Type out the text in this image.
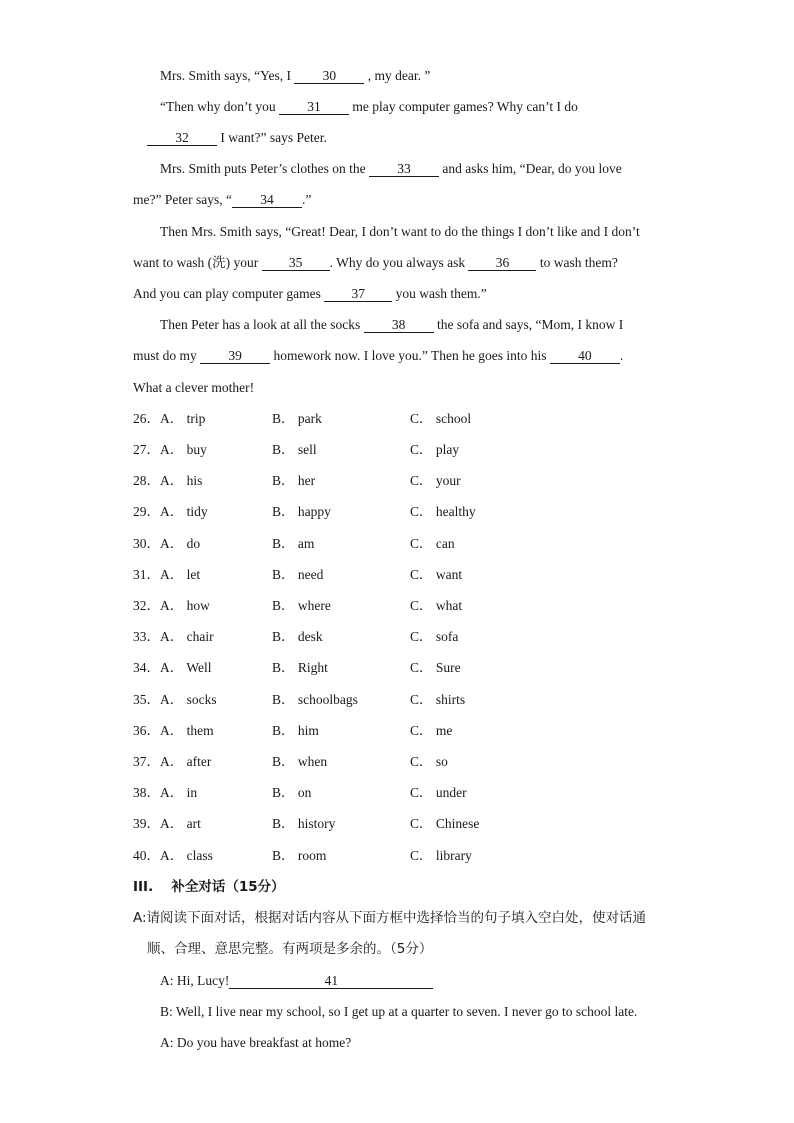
Mrs. Smith says, “Yes, I 30 , my dear. ”
“Then why don’t you 31 me play computer games? Why can’t I do
32 I want?” says Peter.
Mrs. Smith puts Peter’s clothes on the 33 and asks him, “Dear, do you love
me?” Peter says, “ 34 .”
Then Mrs. Smith says, “Great! Dear, I don’t want to do the things I don’t like and I don’t
want to wash (洗) your 35 . Why do you always ask 36 to wash them?
And you can play computer games 37 you wash them.”
Then Peter has a look at all the socks 38 the sofa and says, “Mom, I know I
must do my 39 homework now. I love you.” Then he goes into his 40 .
What a clever mother!
26． A． trip	B． park	C． school
27． A． buy	B． sell	C． play
28． A． his	B． her	C． your
29． A． tidy	B． happy	C． healthy
30． A． do	B． am	C． can
31． A． let	B． need	C． want
32． A． how	B． where	C． what
33． A． chair	B． desk	C． sofa
34． A． Well	B． Right	C． Sure
35． A． socks	B． schoolbags	C． shirts
36． A． them	B． him	C． me
37． A． after	B． when	C． so
38． A． in	B． on	C． under
39． A． art	B． history	C． Chinese
40． A． class	B． room	C． library
III.　 补全对话（15分）
A:请阅读下面对话，根据对话内容从下面方框中选择恰当的句子填入空白处，使对话通
顺、合理、意思完整。有两项是多余的。（5分）
A: Hi, Lucy!	41
B: Well, I live near my school, so I get up at a quarter to seven. I never go to school late.
A: Do you have breakfast at home?
